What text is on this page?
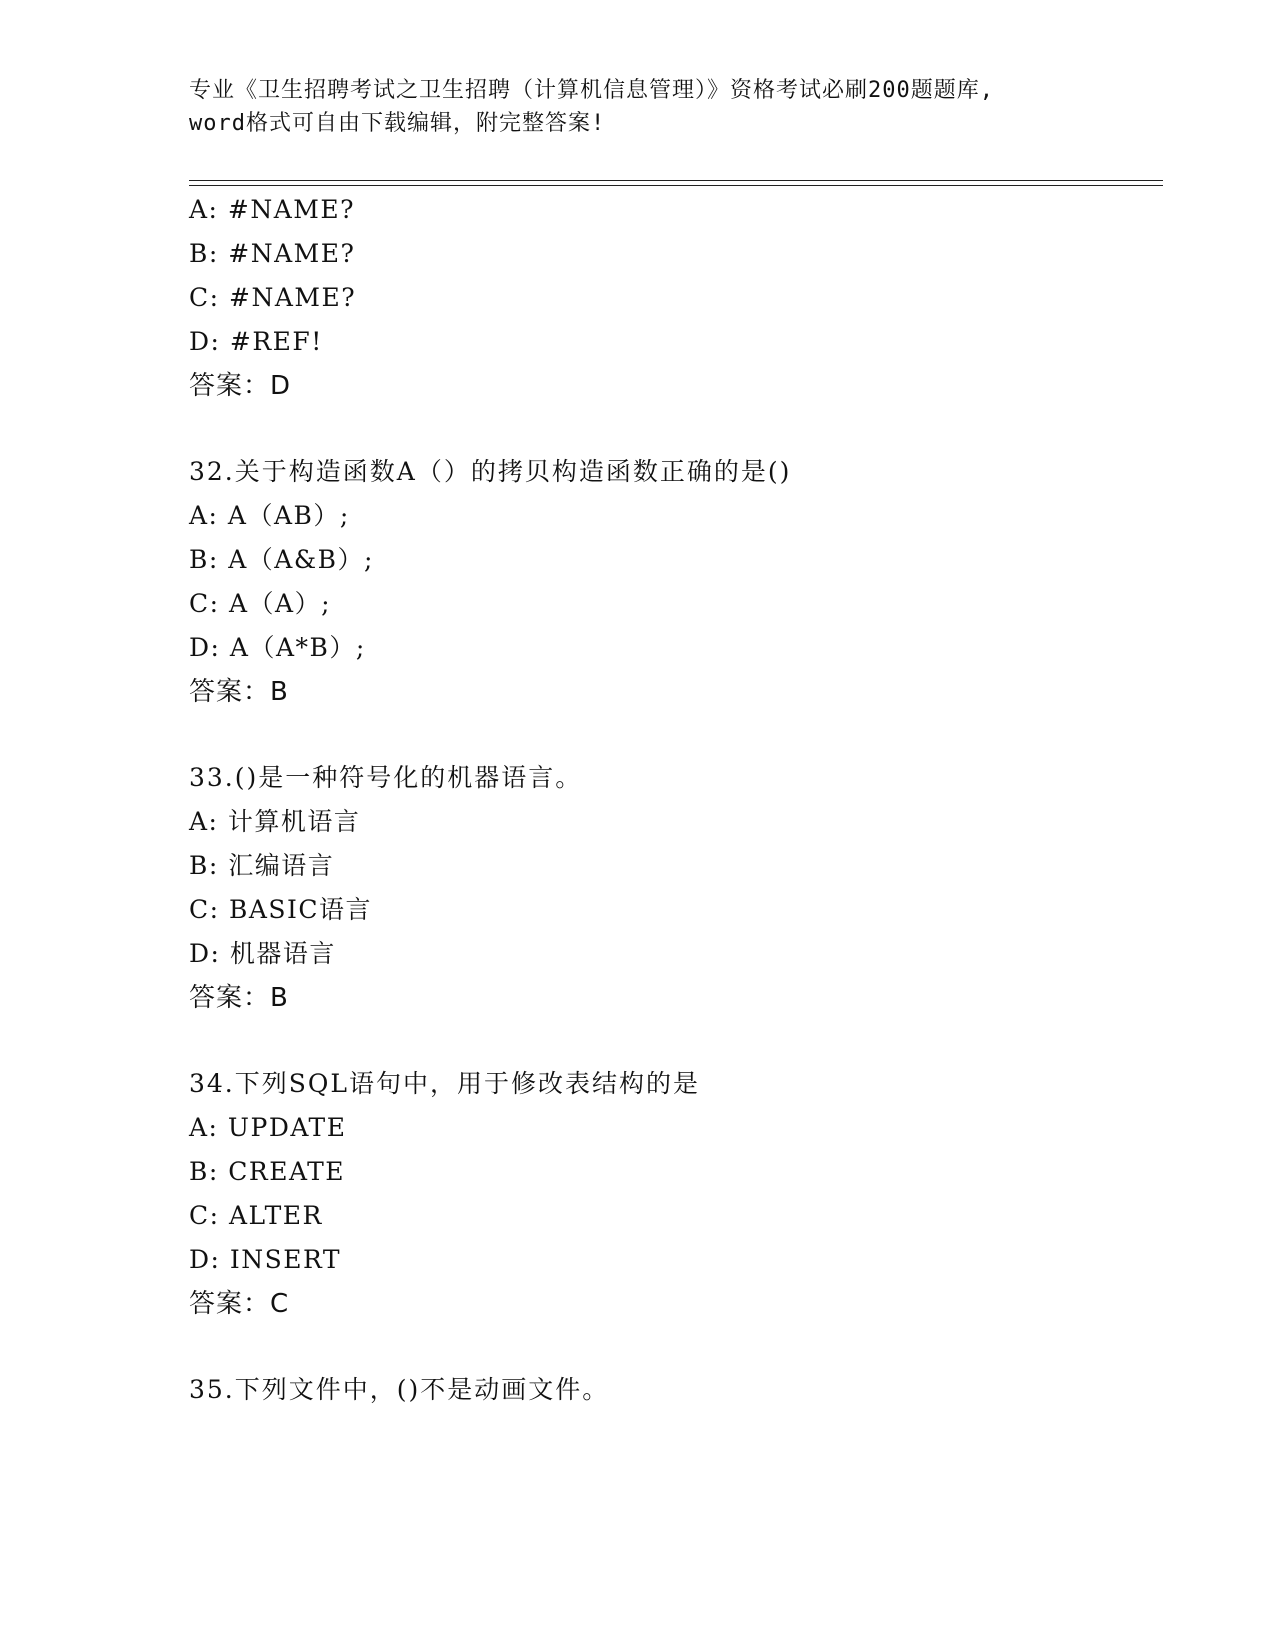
专业《卫生招聘考试之卫生招聘（计算机信息管理）》资格考试必刷200题题库,
word格式可自由下载编辑，附完整答案!
A: #NAME?
B: #NAME?
C: #NAME?
D: #REF!
答案：D
32.关于构造函数A（）的拷贝构造函数正确的是()
A: A（AB）;
B: A（A&B）;
C: A（A）;
D: A（A*B）;
答案：B
33.()是一种符号化的机器语言。
A: 计算机语言
B: 汇编语言
C: BASIC语言
D: 机器语言
答案：B
34.下列SQL语句中，用于修改表结构的是
A: UPDATE
B: CREATE
C: ALTER
D: INSERT
答案：C
35.下列文件中，()不是动画文件。
